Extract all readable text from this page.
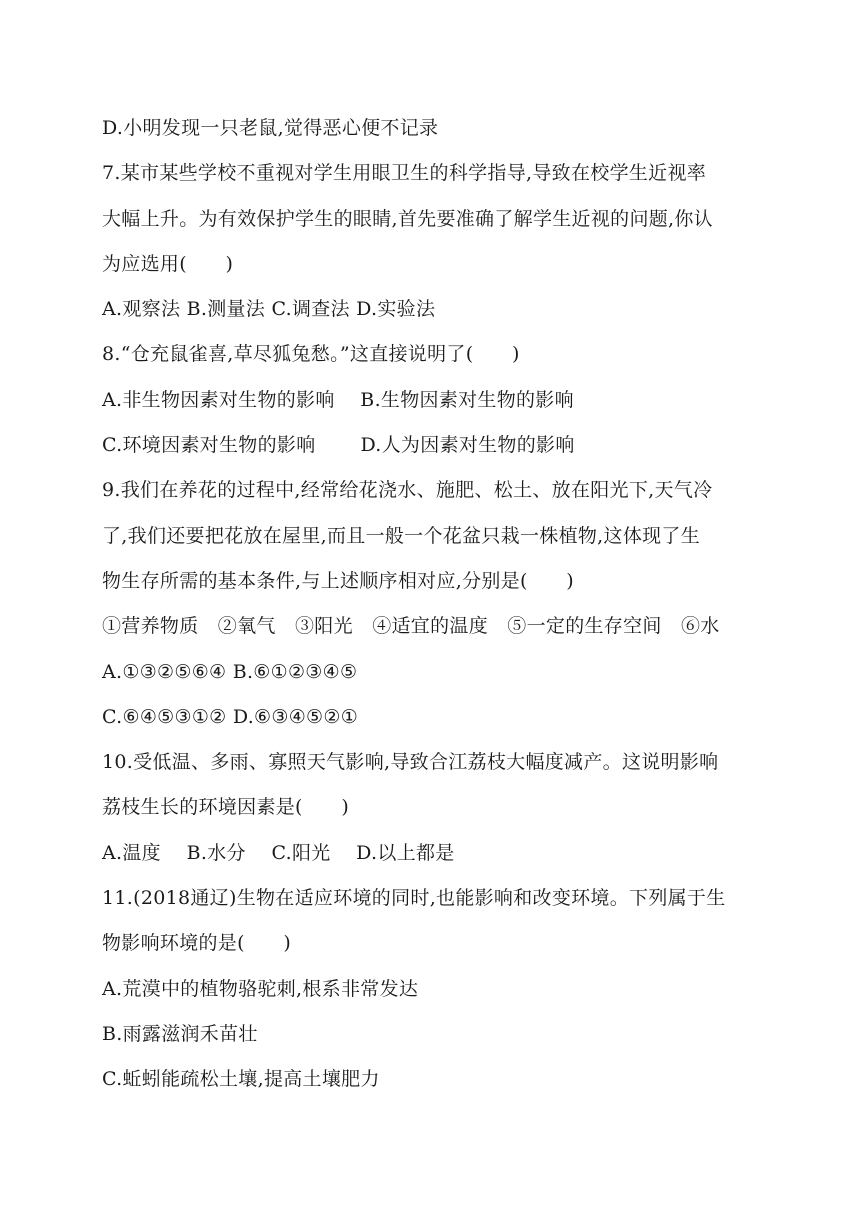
D.小明发现一只老鼠,觉得恶心便不记录
7.某市某些学校不重视对学生用眼卫生的科学指导,导致在校学生近视率
大幅上升。为有效保护学生的眼睛,首先要准确了解学生近视的问题,你认
为应选用(　　)
A.观察法 B.测量法 C.调查法 D.实验法
8.“仓充鼠雀喜,草尽狐兔愁。”这直接说明了(　　)
A.非生物因素对生物的影响　 B.生物因素对生物的影响
C.环境因素对生物的影响　　 D.人为因素对生物的影响
9.我们在养花的过程中,经常给花浇水、施肥、松土、放在阳光下,天气冷
了,我们还要把花放在屋里,而且一般一个花盆只栽一株植物,这体现了生
物生存所需的基本条件,与上述顺序相对应,分别是(　　)
①营养物质　②氧气　③阳光　④适宜的温度　⑤一定的生存空间　⑥水
A.①③②⑤⑥④ B.⑥①②③④⑤
C.⑥④⑤③①② D.⑥③④⑤②①
10.受低温、多雨、寡照天气影响,导致合江荔枝大幅度减产。这说明影响
荔枝生长的环境因素是(　　)
A.温度　 B.水分　 C.阳光　 D.以上都是
11.(2018通辽)生物在适应环境的同时,也能影响和改变环境。下列属于生
物影响环境的是(　　)
A.荒漠中的植物骆驼刺,根系非常发达
B.雨露滋润禾苗壮
C.蚯蚓能疏松土壤,提高土壤肥力
